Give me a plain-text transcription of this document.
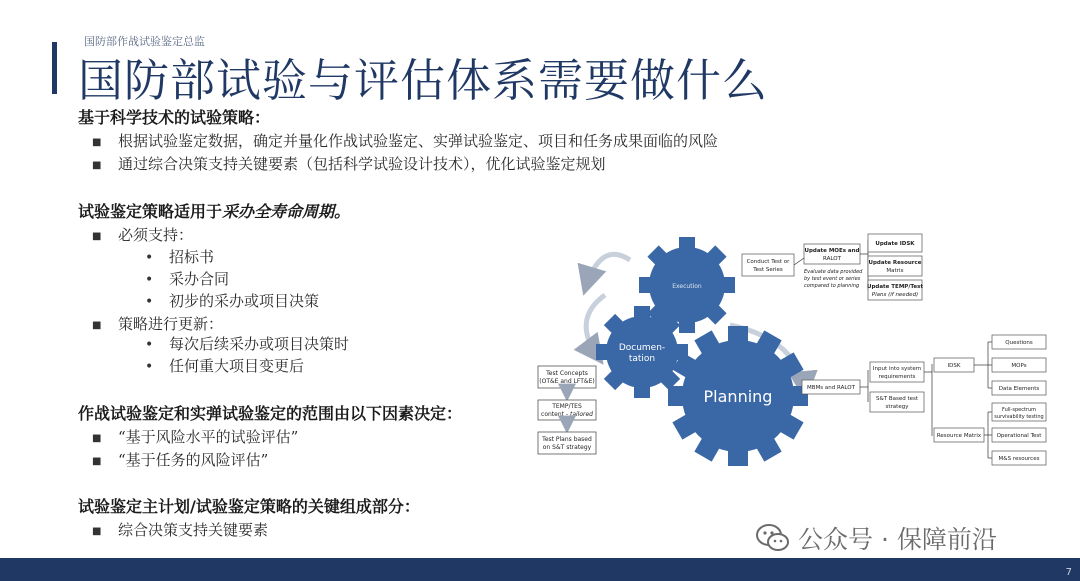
国防部作战试验鉴定总监
国防部试验与评估体系需要做什么
基于科学技术的试验策略：
■ 根据试验鉴定数据，确定并量化作战试验鉴定、实弹试验鉴定、项目和任务成果面临的风险
■ 通过综合决策支持关键要素（包括科学试验设计技术），优化试验鉴定规划
试验鉴定策略适用于采办全寿命周期。
■ 必须支持：
• 招标书
• 采办合同
• 初步的采办或项目决策
■ 策略进行更新：
• 每次后续采办或项目决策时
• 任何重大项目变更后
作战试验鉴定和实弹试验鉴定的范围由以下因素决定：
■ “基于风险水平的试验评估”
■ “基于任务的风险评估”
试验鉴定主计划/试验鉴定策略的关键组成部分：
■ 综合决策支持关键要素
Execution
Documen-
tation
Planning
Test Concepts
(OT&E and LFT&E)
TEMP/TES
content - tailored
Test Plans based
on S&T strategy
Conduct Test or
Test Series
Update MOEs and
RALOT
Evaluate data provided
by test event or series
compared to planning
Update IDSK
Update Resource
Matrix
Update TEMP/Test
Plans (if needed)
MBMs and RALOT
Input into system
requirements
S&T Based test
strategy
IDSK
Resource Matrix
Questions
MOPs
Data Elements
Full-spectrum
survivability testing
Operational Test
M&S resources
公众号 · 保障前沿
7
